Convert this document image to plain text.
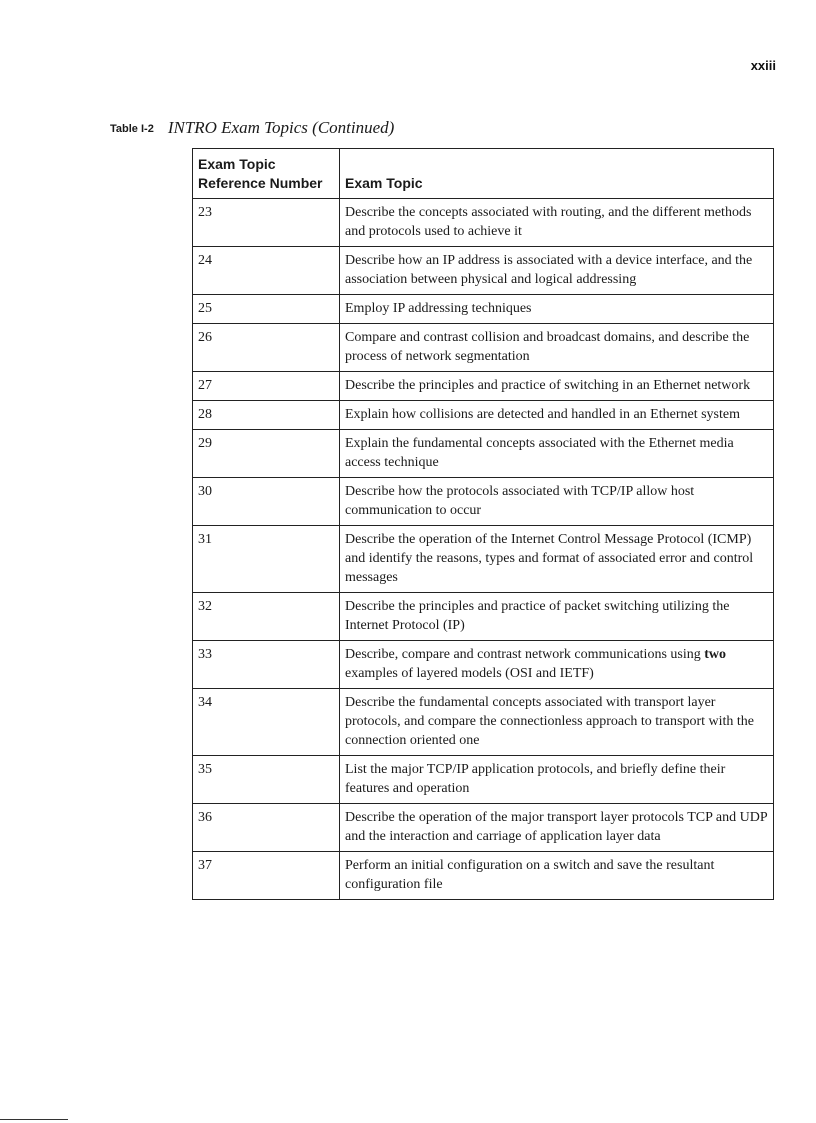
xxiii
Table I-2 INTRO Exam Topics (Continued)
Exam Topic
Reference Number	Exam Topic
23	Describe the concepts associated with routing, and the different methods and protocols used to achieve it
24	Describe how an IP address is associated with a device interface, and the association between physical and logical addressing
25	Employ IP addressing techniques
26	Compare and contrast collision and broadcast domains, and describe the process of network segmentation
27	Describe the principles and practice of switching in an Ethernet network
28	Explain how collisions are detected and handled in an Ethernet system
29	Explain the fundamental concepts associated with the Ethernet media access technique
30	Describe how the protocols associated with TCP/IP allow host communication to occur
31	Describe the operation of the Internet Control Message Protocol (ICMP) and identify the reasons, types and format of associated error and control messages
32	Describe the principles and practice of packet switching utilizing the Internet Protocol (IP)
33	Describe, compare and contrast network communications using two examples of layered models (OSI and IETF)
34	Describe the fundamental concepts associated with transport layer protocols, and compare the connectionless approach to transport with the connection oriented one
35	List the major TCP/IP application protocols, and briefly define their features and operation
36	Describe the operation of the major transport layer protocols TCP and UDP and the interaction and carriage of application layer data
37	Perform an initial configuration on a switch and save the resultant configuration file
